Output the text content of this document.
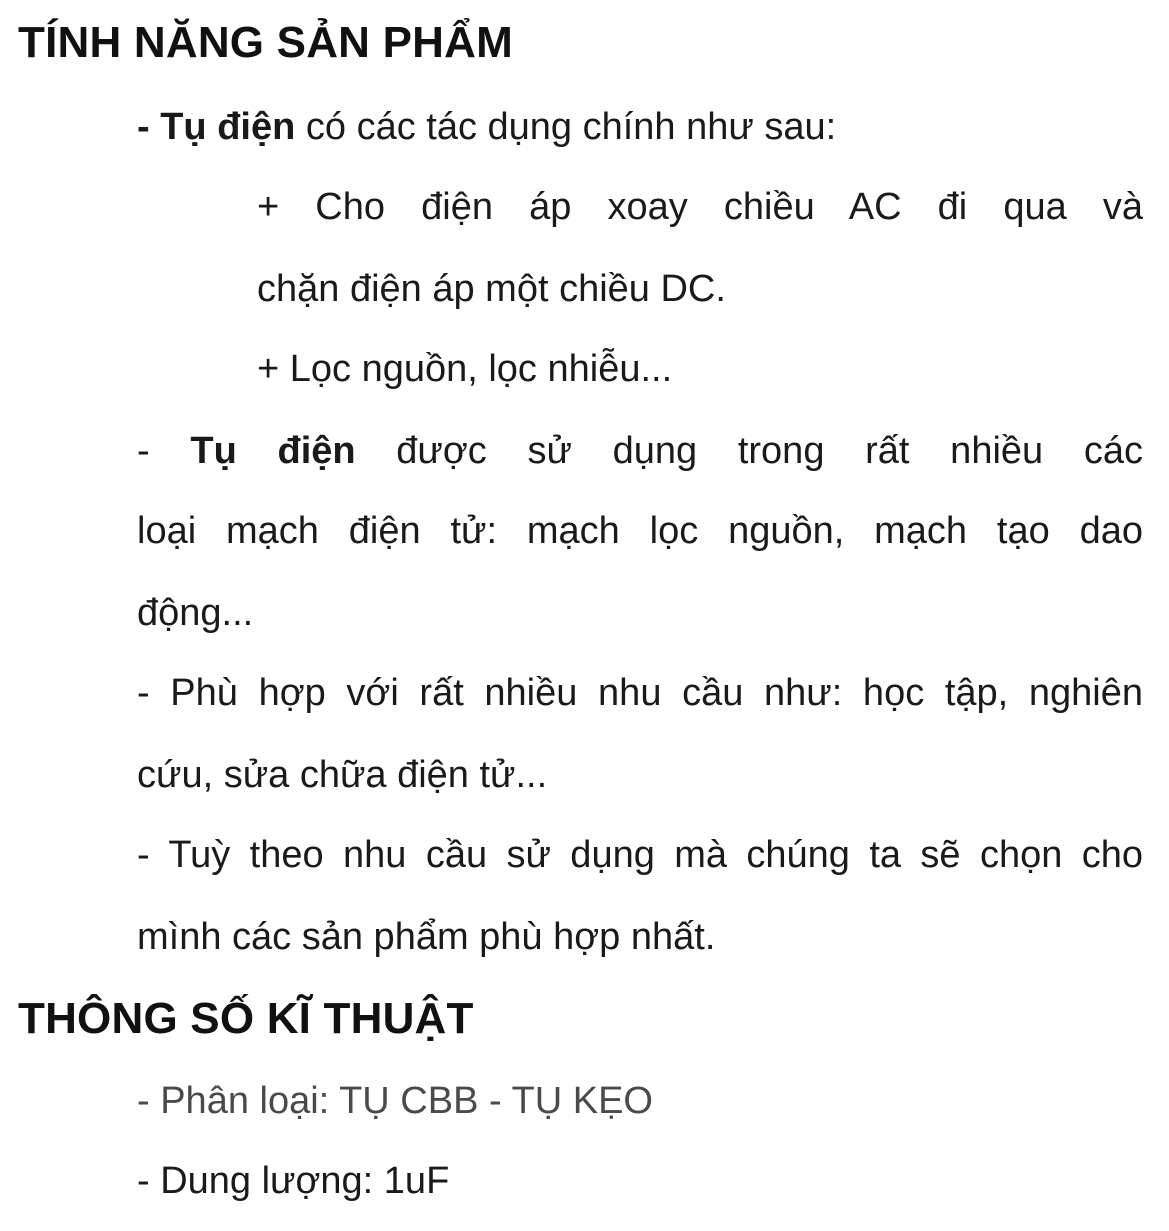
TÍNH NĂNG SẢN PHẨM
- Tụ điện có các tác dụng chính như sau:
+ Cho điện áp xoay chiều AC đi qua và
chặn điện áp một chiều DC.
+ Lọc nguồn, lọc nhiễu...
- Tụ điện được sử dụng trong rất nhiều các
loại mạch điện tử: mạch lọc nguồn, mạch tạo dao
động...
- Phù hợp với rất nhiều nhu cầu như: học tập, nghiên
cứu, sửa chữa điện tử...
- Tuỳ theo nhu cầu sử dụng mà chúng ta sẽ chọn cho
mình các sản phẩm phù hợp nhất.
THÔNG SỐ KĨ THUẬT
- Phân loại: TỤ CBB - TỤ KẸO
- Dung lượng: 1uF
